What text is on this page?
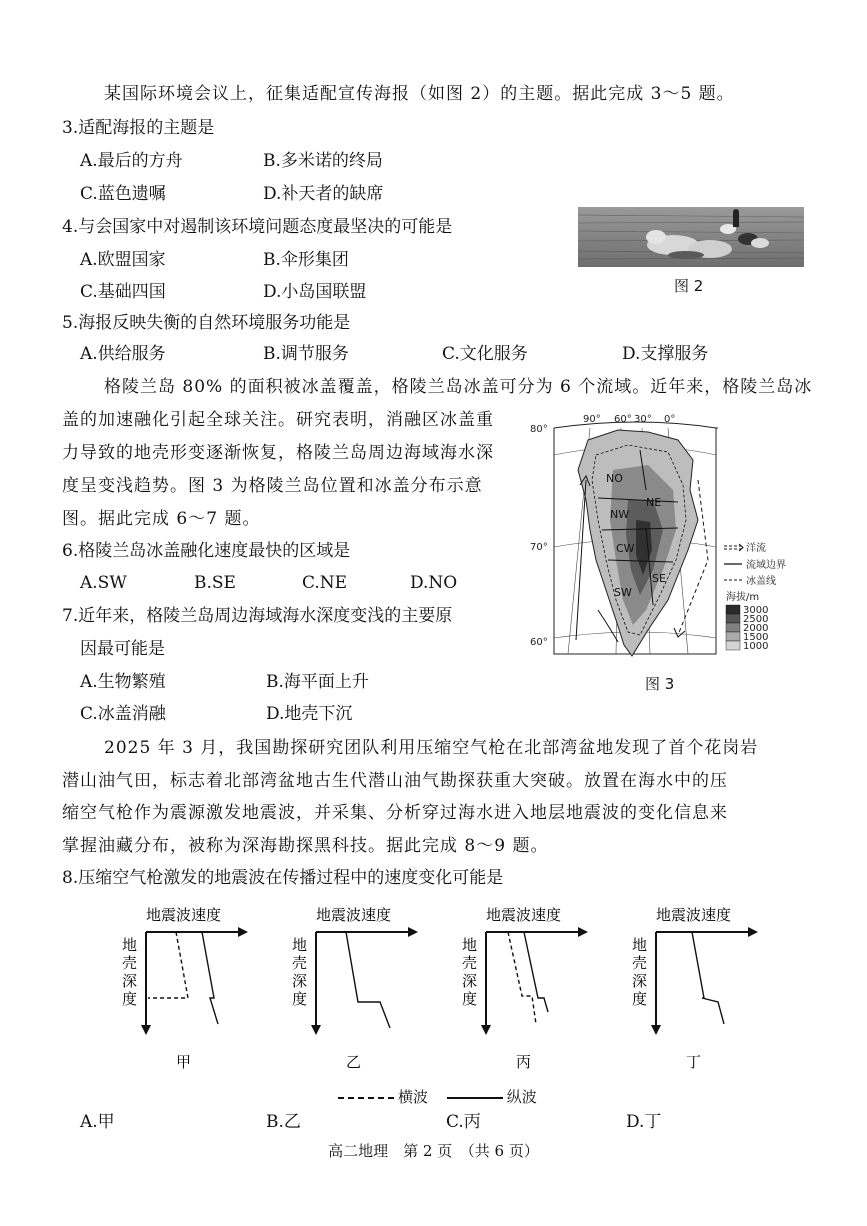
某国际环境会议上，征集适配宣传海报（如图 2）的主题。据此完成 3～5 题。
3.适配海报的主题是
A.最后的方舟	B.多米诺的终局
C.蓝色遗嘱	D.补天者的缺席
4.与会国家中对遏制该环境问题态度最坚决的可能是
A.欧盟国家	B.伞形集团
C.基础四国	D.小岛国联盟	图 2
5.海报反映失衡的自然环境服务功能是
A.供给服务	B.调节服务	C.文化服务	D.支撑服务
格陵兰岛 80% 的面积被冰盖覆盖，格陵兰岛冰盖可分为 6 个流域。近年来，格陵兰岛冰
盖的加速融化引起全球关注。研究表明，消融区冰盖重
力导致的地壳形变逐渐恢复，格陵兰岛周边海域海水深
度呈变浅趋势。图 3 为格陵兰岛位置和冰盖分布示意
图。据此完成 6～7 题。
6.格陵兰岛冰盖融化速度最快的区域是
A.SW	B.SE	C.NE	D.NO
7.近年来，格陵兰岛周边海域海水深度变浅的主要原
因最可能是
A.生物繁殖	B.海平面上升
C.冰盖消融	D.地壳下沉
90° 60° 30° 0°
80°
70°
60°
NO
NE
NW
CW
SE
SW
洋流
流域边界
冰盖线
海拔/m
3000
2500
2000
1500
1000
图 3
2025 年 3 月，我国勘探研究团队利用压缩空气枪在北部湾盆地发现了首个花岗岩
潜山油气田，标志着北部湾盆地古生代潜山油气勘探获重大突破。放置在海水中的压
缩空气枪作为震源激发地震波，并采集、分析穿过海水进入地层地震波的变化信息来
掌握油藏分布，被称为深海勘探黑科技。据此完成 8～9 题。
8.压缩空气枪激发的地震波在传播过程中的速度变化可能是
地震波速度
地
壳
深
度
甲
地震波速度
地
壳
深
度
乙
地震波速度
地
壳
深
度
丙
地震波速度
地
壳
深
度
丁
横波	纵波
A.甲	B.乙	C.丙	D.丁
高二地理　第 2 页　（共 6 页）
